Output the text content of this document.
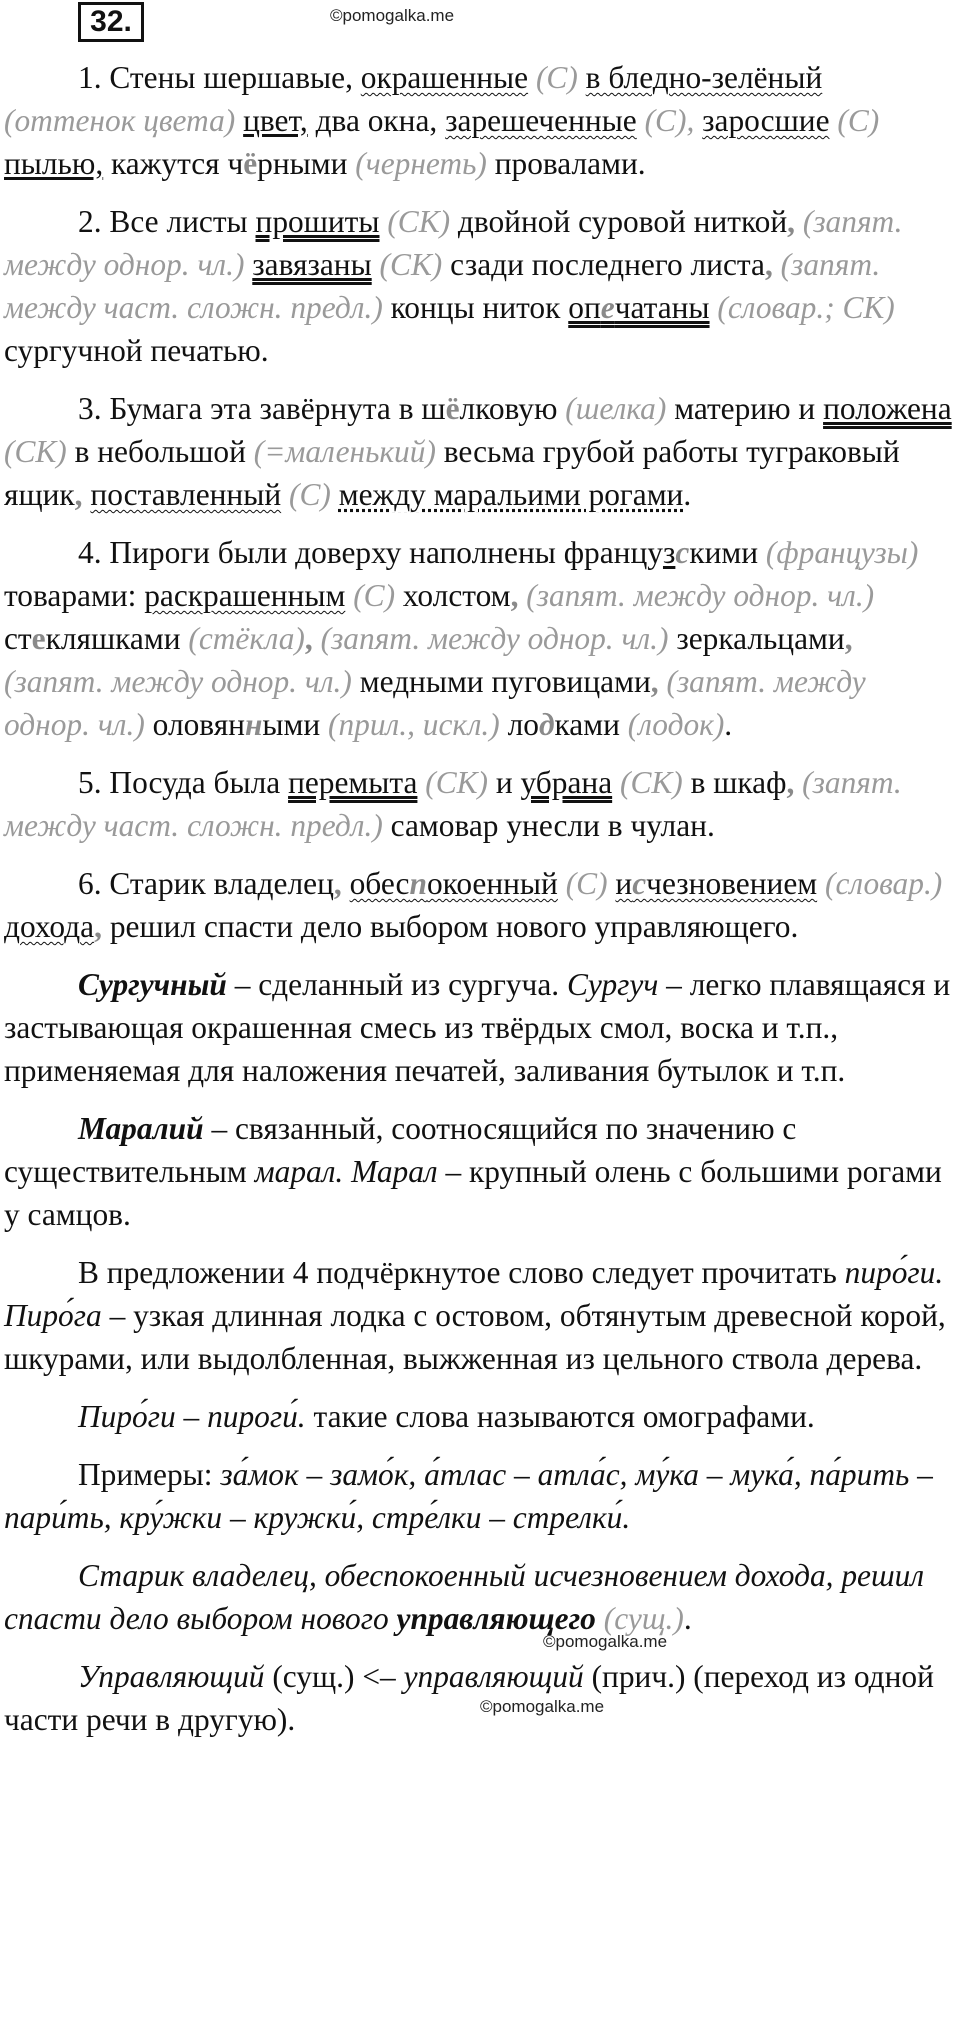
32.	©pomogalka.me
©pomogalka.me
©pomogalka.me

1. Стены шершавые, окрашенные (С) в бледно-зелёный (оттенок цвета) цвет, два окна, зарешеченные (С), заросшие (С) пылью, кажутся чёрными (чернеть) провалами.

2. Все листы прошиты (СК) двойной суровой ниткой, (запят. между однор. чл.) завязаны (СК) сзади последнего листа, (запят. между част. сложн. предл.) концы ниток опечатаны (словар.; СК) сургучной печатью.

3. Бумага эта завёрнута в шёлковую (шелка) материю и положена (СК) в небольшой (=маленький) весьма грубой работы туграковый ящик, поставленный (С) между маральими рогами.

4. Пироги были доверху наполнены французскими (французы) товарами: раскрашенным (С) холстом, (запят. между однор. чл.) стекляшками (стёкла), (запят. между однор. чл.) зеркальцами, (запят. между однор. чл.) медными пуговицами, (запят. между однор. чл.) оловянными (прил., искл.) лодками (лодок).

5. Посуда была перемыта (СК) и убрана (СК) в шкаф, (запят. между част. сложн. предл.) самовар унесли в чулан.

6. Старик владелец, обеспокоенный (С) исчезновением (словар.) дохода, решил спасти дело выбором нового управляющего.

Сургучный – сделанный из сургуча. Сургуч – легко плавящаяся и застывающая окрашенная смесь из твёрдых смол, воска и т.п., применяемая для наложения печатей, заливания бутылок и т.п.

Маралий – связанный, соотносящийся по значению с существительным марал. Марал – крупный олень с большими рогами у самцов.

В предложении 4 подчёркнутое слово следует прочитать пиро́ги. Пиро́га – узкая длинная лодка с остовом, обтянутым древесной корой, шкурами, или выдолбленная, выжженная из цельного ствола дерева.

Пиро́ги – пироги́. такие слова называются омографами.

Примеры: за́мок – замо́к, а́тлас – атла́с, му́ка – мука́, па́рить – пари́ть, кру́жки – кружки́, стре́лки – стрелки́.

Старик владелец, обеспокоенный исчезновением дохода, решил спасти дело выбором нового управляющего (сущ.).

Управляющий (сущ.) <– управляющий (прич.) (переход из одной части речи в другую).
